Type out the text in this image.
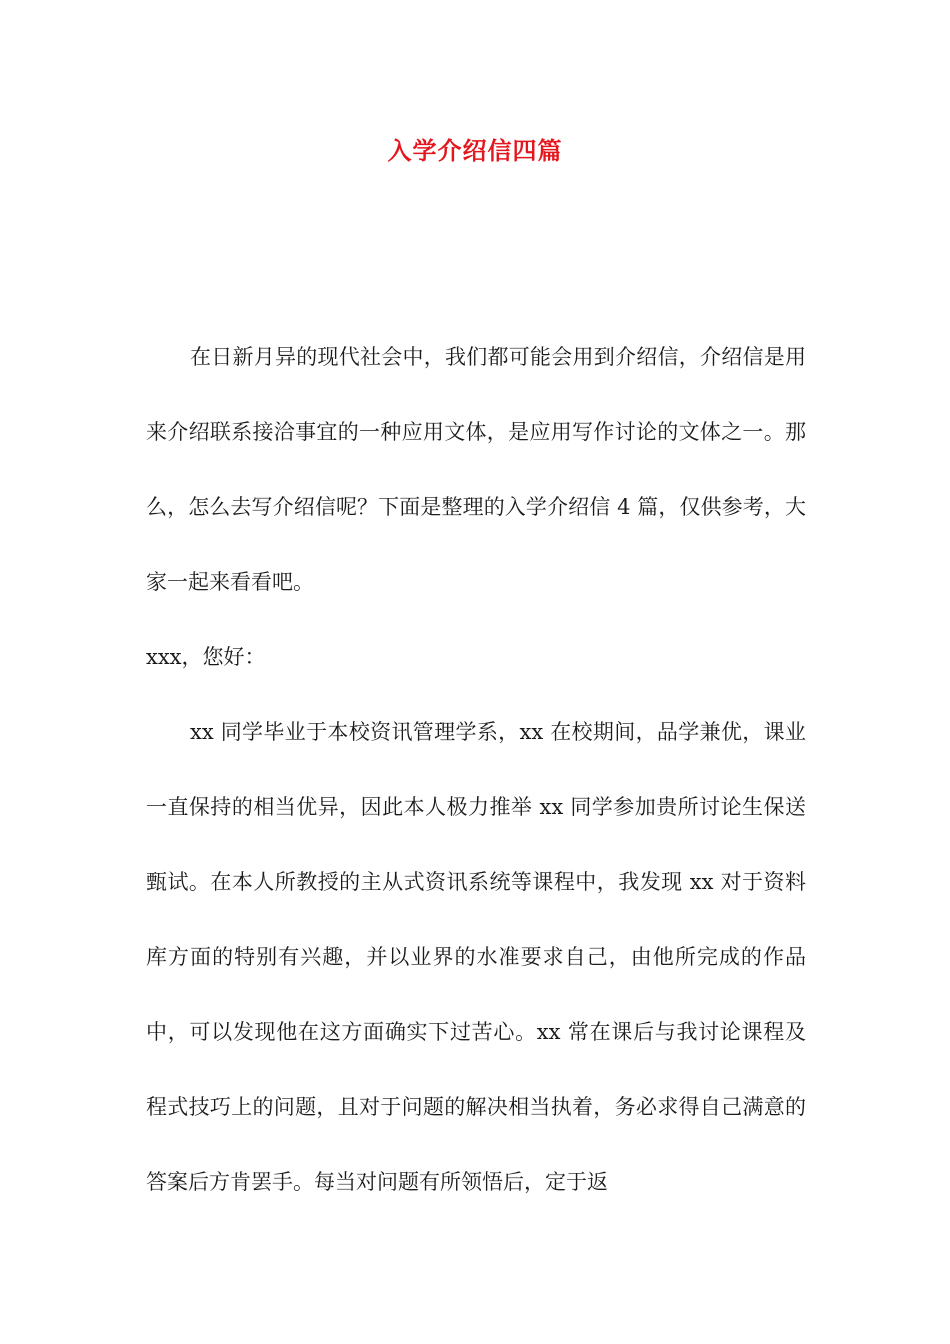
入学介绍信四篇

在日新月异的现代社会中，我们都可能会用到介绍信，介绍信是用来介绍联系接洽事宜的一种应用文体，是应用写作讨论的文体之一。那么，怎么去写介绍信呢？下面是整理的入学介绍信 4 篇，仅供参考，大家一起来看看吧。

xxx，您好：

xx 同学毕业于本校资讯管理学系，xx 在校期间，品学兼优，课业一直保持的相当优异，因此本人极力推举 xx 同学参加贵所讨论生保送甄试。在本人所教授的主从式资讯系统等课程中，我发现 xx 对于资料库方面的特别有兴趣，并以业界的水准要求自己，由他所完成的作品中，可以发现他在这方面确实下过苦心。xx 常在课后与我讨论课程及程式技巧上的问题，且对于问题的解决相当执着，务必求得自己满意的答案后方肯罢手。每当对问题有所领悟后，定于返
